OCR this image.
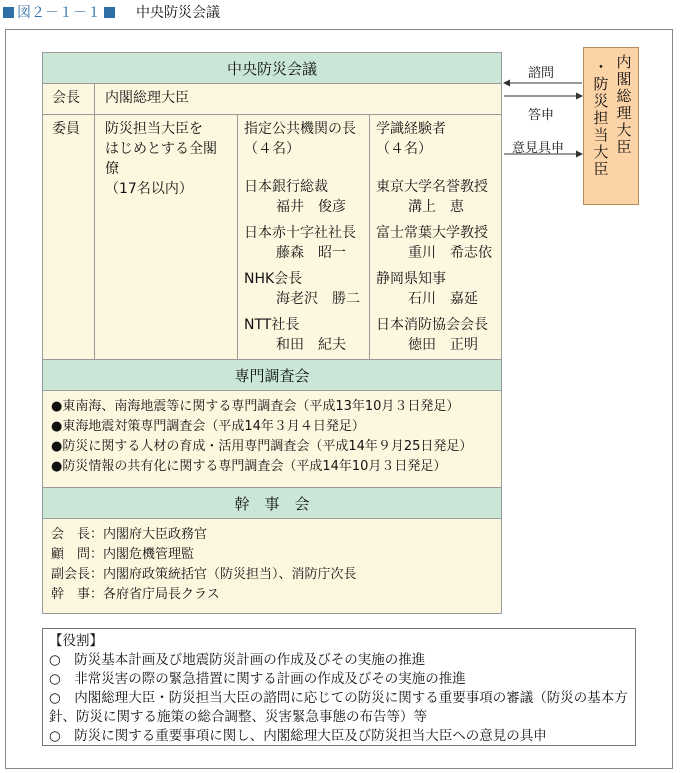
図２－１－１	中央防災会議
中央防災会議
会長 内閣総理大臣
委員 防災担当大臣を
はじめとする全閣
僚
（17名以内）
指定公共機関の長
（４名）
日本銀行総裁
福井　俊彦
日本赤十字社社長
藤森　昭一
NHK会長
海老沢　勝二
NTT社長
和田　紀夫
学識経験者
（４名）
東京大学名誉教授
溝上　恵
富士常葉大学教授
重川　希志依
静岡県知事
石川　嘉延
日本消防協会会長
徳田　正明
専門調査会
●東南海、南海地震等に関する専門調査会（平成13年10月３日発足）
●東海地震対策専門調査会（平成14年３月４日発足）
●防災に関する人材の育成・活用専門調査会（平成14年９月25日発足）
●防災情報の共有化に関する専門調査会（平成14年10月３日発足）
幹　事　会
会　長：内閣府大臣政務官
顧　問：内閣危機管理監
副会長：内閣府政策統括官（防災担当）、消防庁次長
幹　事：各府省庁局長クラス
内
閣
総
理
大
臣
・
防
災
担
当
大
臣
諮問
答申
意見具申
【役割】
○　防災基本計画及び地震防災計画の作成及びその実施の推進
○　非常災害の際の緊急措置に関する計画の作成及びその実施の推進
○　内閣総理大臣・防災担当大臣の諮問に応じての防災に関する重要事項の審議（防災の基本方針、防災に関する施策の総合調整、災害緊急事態の布告等）等
○　防災に関する重要事項に関し、内閣総理大臣及び防災担当大臣への意見の具申
